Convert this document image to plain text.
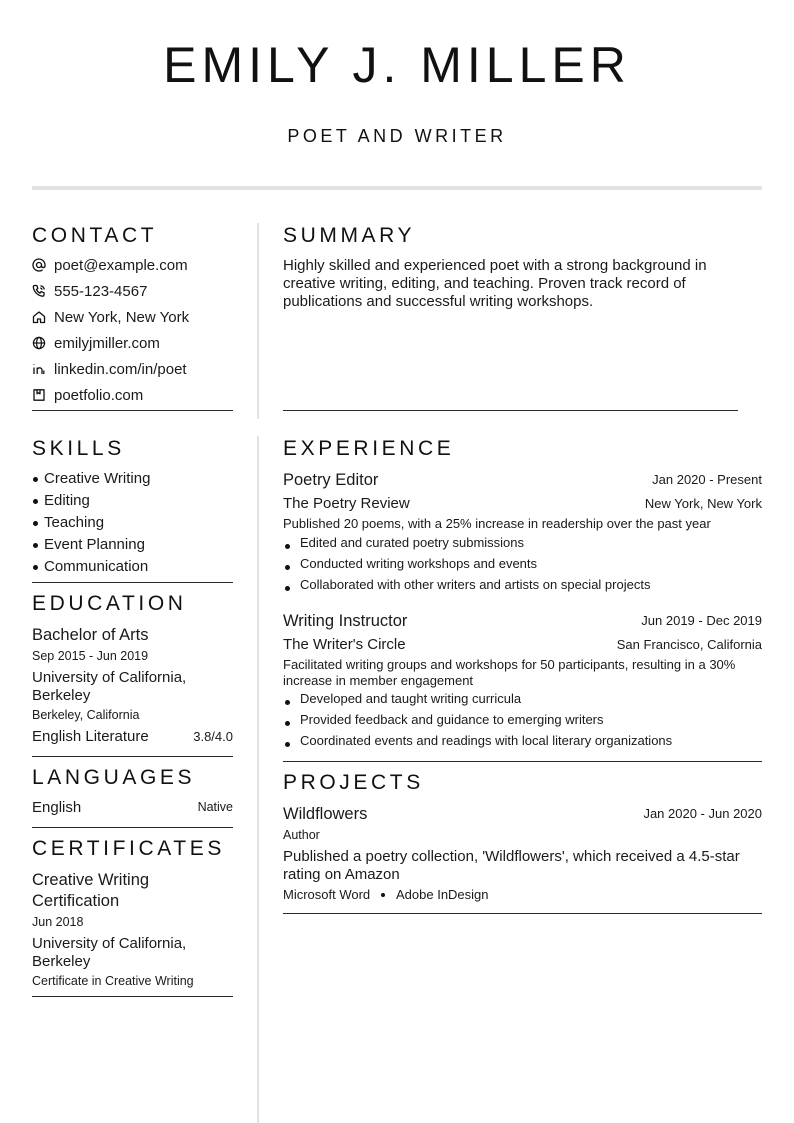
EMILY J. MILLER
POET AND WRITER
CONTACT
poet@example.com
555-123-4567
New York, New York
emilyjmiller.com
linkedin.com/in/poet
poetfolio.com
SUMMARY
Highly skilled and experienced poet with a strong background in creative writing, editing, and teaching. Proven track record of publications and successful writing workshops.
SKILLS
Creative Writing
Editing
Teaching
Event Planning
Communication
EDUCATION
Bachelor of Arts
Sep 2015 - Jun 2019
University of California, Berkeley
Berkeley, California
English Literature	3.8/4.0
LANGUAGES
English	Native
CERTIFICATES
Creative Writing Certification
Jun 2018
University of California, Berkeley
Certificate in Creative Writing
EXPERIENCE
Poetry Editor	Jan 2020 - Present
The Poetry Review	New York, New York
Published 20 poems, with a 25% increase in readership over the past year
Edited and curated poetry submissions
Conducted writing workshops and events
Collaborated with other writers and artists on special projects
Writing Instructor	Jun 2019 - Dec 2019
The Writer's Circle	San Francisco, California
Facilitated writing groups and workshops for 50 participants, resulting in a 30% increase in member engagement
Developed and taught writing curricula
Provided feedback and guidance to emerging writers
Coordinated events and readings with local literary organizations
PROJECTS
Wildflowers	Jan 2020 - Jun 2020
Author
Published a poetry collection, 'Wildflowers', which received a 4.5-star rating on Amazon
Microsoft Word Adobe InDesign
